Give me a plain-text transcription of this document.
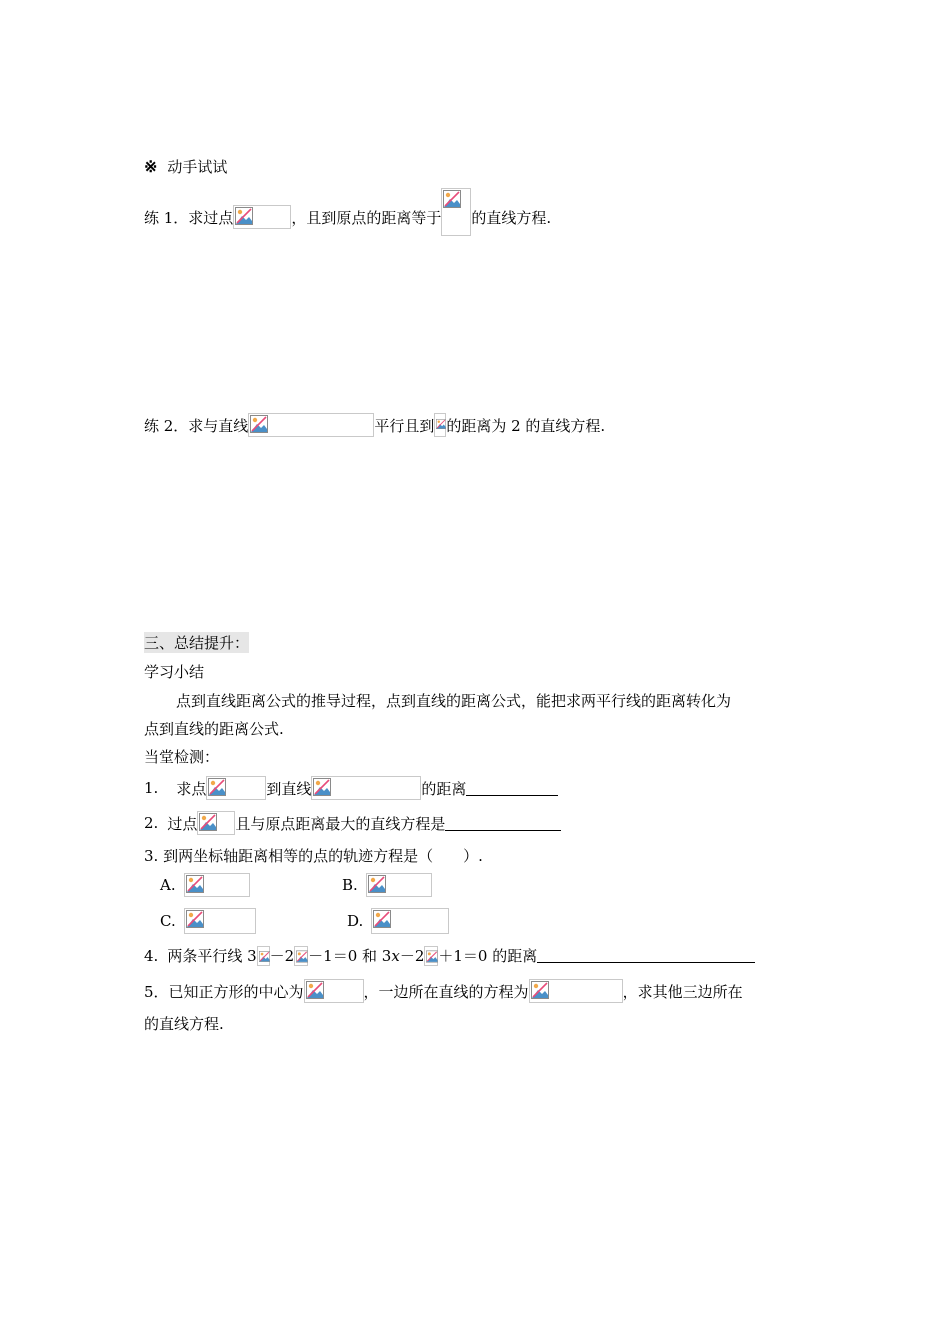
※ 动手试试
练 1．求过点	，且到原点的距离等于 的直线方程.
练 2．求与直线	平行且到 的距离为 2 的直线方程.
三、总结提升：
学习小结
点到直线距离公式的推导过程，点到直线的距离公式，能把求两平行线的距离转化为
点到直线的距离公式.
当堂检测：
1. 求点	到直线	的距离
2. 过点	且与原点距离最大的直线方程是
3. 到两坐标轴距离相等的点的轨迹方程是（　　）.
A.	B.
C.	D.
4. 两条平行线 3 －2 －1＝0 和 3 x －2 ＋1＝0 的距离
5．已知正方形的中心为	，一边所在直线的方程为	，求其他三边所在
的直线方程.
